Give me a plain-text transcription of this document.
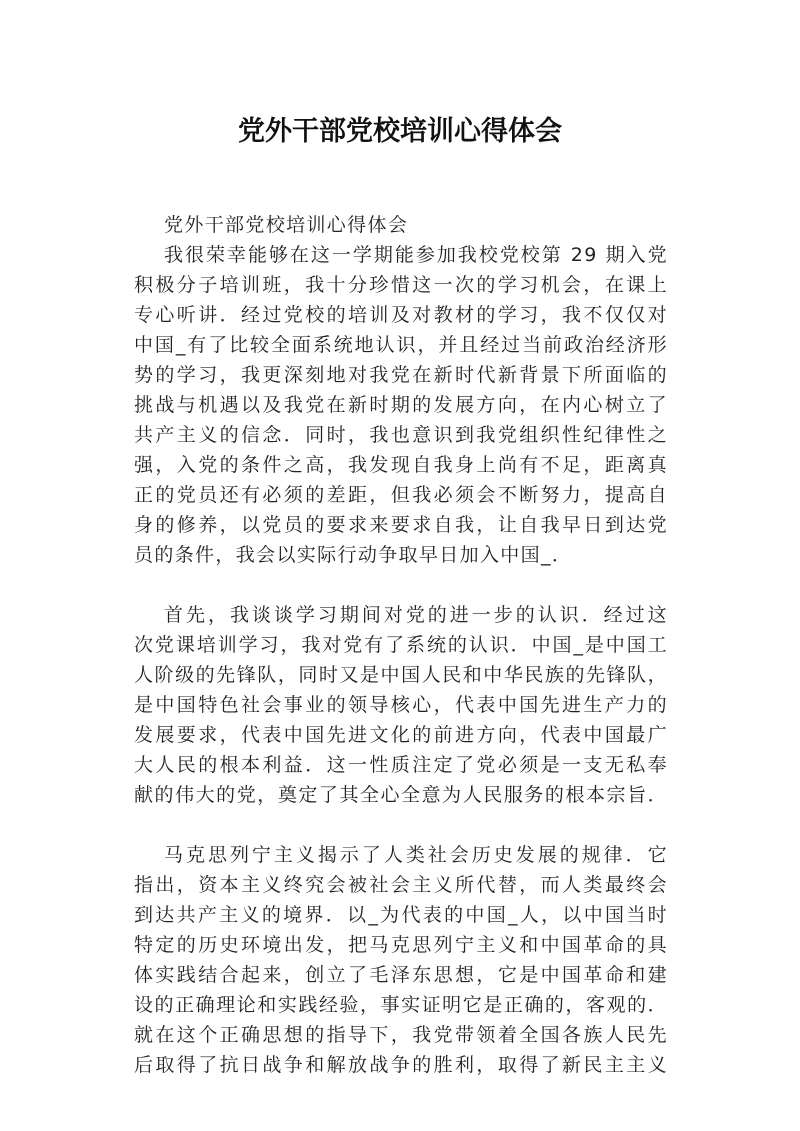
党外干部党校培训心得体会
党外干部党校培训心得体会
我很荣幸能够在这一学期能参加我校党校第 29 期入党
积极分子培训班，我十分珍惜这一次的学习机会，在课上
专心听讲．经过党校的培训及对教材的学习，我不仅仅对
中国_有了比较全面系统地认识，并且经过当前政治经济形
势的学习，我更深刻地对我党在新时代新背景下所面临的
挑战与机遇以及我党在新时期的发展方向，在内心树立了
共产主义的信念．同时，我也意识到我党组织性纪律性之
强，入党的条件之高，我发现自我身上尚有不足，距离真
正的党员还有必须的差距，但我必须会不断努力，提高自
身的修养，以党员的要求来要求自我，让自我早日到达党
员的条件，我会以实际行动争取早日加入中国_．
首先，我谈谈学习期间对党的进一步的认识．经过这
次党课培训学习，我对党有了系统的认识．中国_是中国工
人阶级的先锋队，同时又是中国人民和中华民族的先锋队，
是中国特色社会事业的领导核心，代表中国先进生产力的
发展要求，代表中国先进文化的前进方向，代表中国最广
大人民的根本利益．这一性质注定了党必须是一支无私奉
献的伟大的党，奠定了其全心全意为人民服务的根本宗旨．
马克思列宁主义揭示了人类社会历史发展的规律．它
指出，资本主义终究会被社会主义所代替，而人类最终会
到达共产主义的境界．以_为代表的中国_人，以中国当时
特定的历史环境出发，把马克思列宁主义和中国革命的具
体实践结合起来，创立了毛泽东思想，它是中国革命和建
设的正确理论和实践经验，事实证明它是正确的，客观的．
就在这个正确思想的指导下，我党带领着全国各族人民先
后取得了抗日战争和解放战争的胜利，取得了新民主主义
